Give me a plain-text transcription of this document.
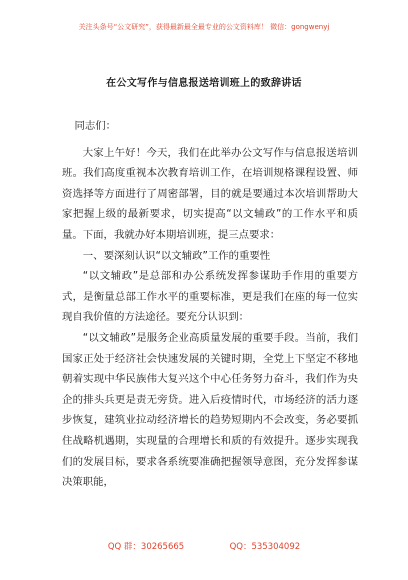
关注头条号“公文研究”，获得最新最全最专业的公文资料库！ 微信：gongwenyj
在公文写作与信息报送培训班上的致辞讲话

同志们：

大家上午好！今天，我们在此举办公文写作与信息报送培训班。我们高度重视本次教育培训工作，在培训规格课程设置、师资选择等方面进行了周密部署，目的就是要通过本次培训帮助大家把握上级的最新要求，切实提高“以文辅政”的工作水平和质量。下面，我就办好本期培训班，提三点要求：

一、要深刻认识“以文辅政”工作的重要性

“以文辅政”是总部和办公系统发挥参谋助手作用的重要方式，是衡量总部工作水平的重要标准，更是我们在座的每一位实现自我价值的方法途径。要充分认识到：

“以文辅政”是服务企业高质量发展的重要手段。当前，我们国家正处于经济社会快速发展的关键时期，全党上下坚定不移地朝着实现中华民族伟大复兴这个中心任务努力奋斗，我们作为央企的排头兵更是责无旁贷。进入后疫情时代，市场经济的活力逐步恢复，建筑业拉动经济增长的趋势短期内不会改变，务必要抓住战略机遇期，实现量的合理增长和质的有效提升。逐步实现我们的发展目标，要求各系统要准确把握领导意图，充分发挥参谋决策职能，

QQ 群：30265665	QQ：535304092
